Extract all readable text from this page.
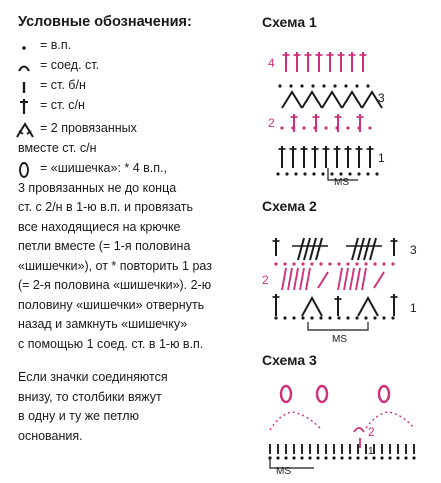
Условные обозначения:
= в.п.
= соед. ст.
= ст. б/н
= ст. с/н
= 2 провязанных
вместе ст. с/н
= «шишечка»: * 4 в.п.,
3 провязанных не до конца
ст. с 2/н в 1-ю в.п. и провязать
все находящиеся на крючке
петли вместе (= 1-я половина
«шишечки»), от * повторить 1 раз
(= 2-я половина «шишечки»). 2-ю
половину «шишечки» отвернуть
назад и замкнуть «шишечку»
с помощью 1 соед. ст. в 1-ю в.п.
Если значки соединяются
внизу, то столбики вяжут
в одну и ту же петлю
основания.
Схема 1
4
3
2
1
MS
Схема 2
3
2
1
MS
Схема 3
2
1
MS
